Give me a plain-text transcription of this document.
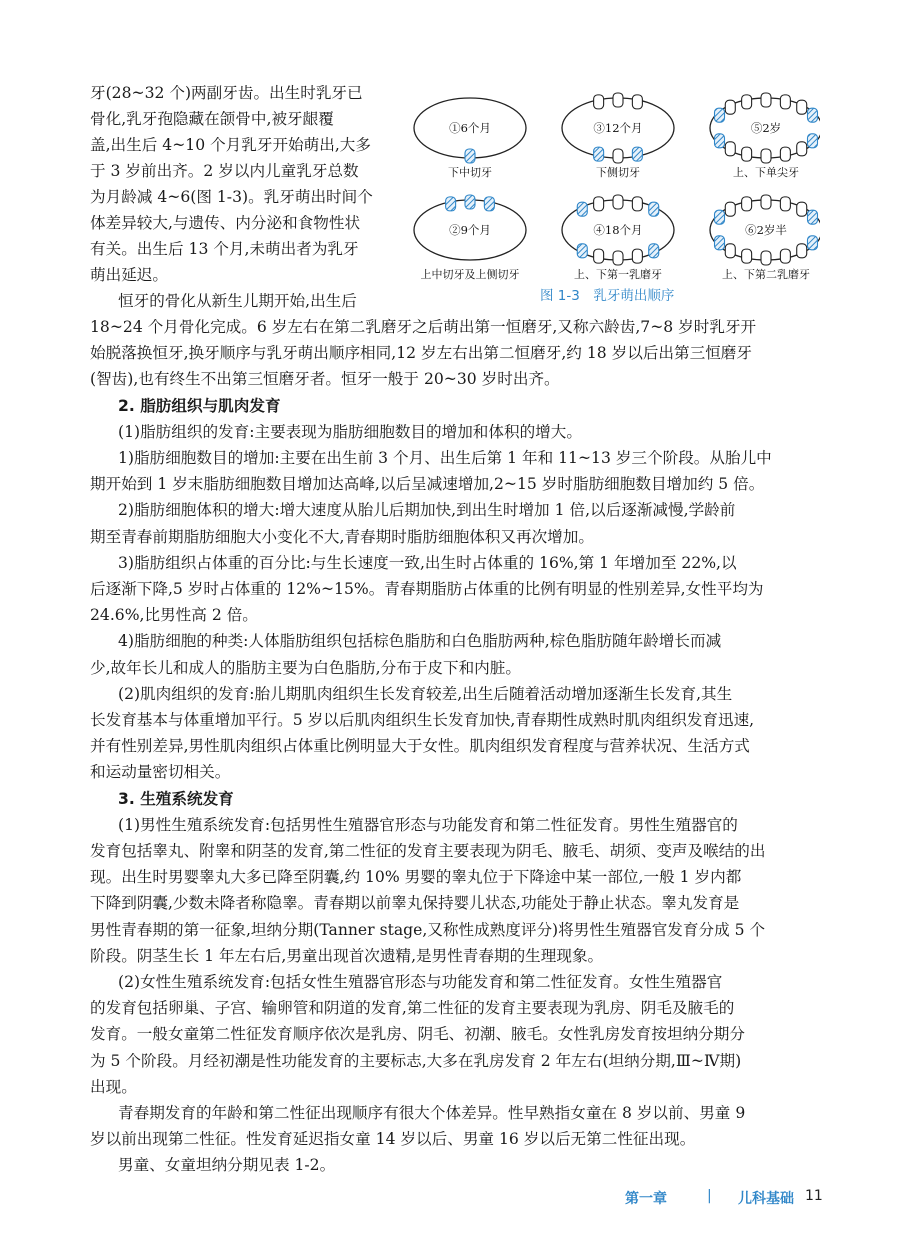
牙(28~32 个)两副牙齿。出生时乳牙已

骨化,乳牙孢隐藏在颌骨中,被牙龈覆

盖,出生后 4~10 个月乳牙开始萌出,大多

于 3 岁前出齐。2 岁以内儿童乳牙总数

为月龄减 4~6(图 1-3)。乳牙萌出时间个

体差异较大,与遗传、内分泌和食物性状

有关。出生后 13 个月,未萌出者为乳牙

萌出延迟。

恒牙的骨化从新生儿期开始,出生后

①6个月
下中切牙
③12个月
下侧切牙
⑤2岁
上、下单尖牙
②9个月
上中切牙及上侧切牙
④18个月
上、下第一乳磨牙
⑥2岁半
上、下第二乳磨牙
图 1-3　乳牙萌出顺序

18~24 个月骨化完成。6 岁左右在第二乳磨牙之后萌出第一恒磨牙,又称六龄齿,7~8 岁时乳牙开

始脱落换恒牙,换牙顺序与乳牙萌出顺序相同,12 岁左右出第二恒磨牙,约 18 岁以后出第三恒磨牙

(智齿),也有终生不出第三恒磨牙者。恒牙一般于 20~30 岁时出齐。

2. 脂肪组织与肌肉发育

(1)脂肪组织的发育:主要表现为脂肪细胞数目的增加和体积的增大。

1)脂肪细胞数目的增加:主要在出生前 3 个月、出生后第 1 年和 11~13 岁三个阶段。从胎儿中

期开始到 1 岁末脂肪细胞数目增加达高峰,以后呈减速增加,2~15 岁时脂肪细胞数目增加约 5 倍。

2)脂肪细胞体积的增大:增大速度从胎儿后期加快,到出生时增加 1 倍,以后逐渐减慢,学龄前

期至青春前期脂肪细胞大小变化不大,青春期时脂肪细胞体积又再次增加。

3)脂肪组织占体重的百分比:与生长速度一致,出生时占体重的 16%,第 1 年增加至 22%,以

后逐渐下降,5 岁时占体重的 12%~15%。青春期脂肪占体重的比例有明显的性别差异,女性平均为

24.6%,比男性高 2 倍。

4)脂肪细胞的种类:人体脂肪组织包括棕色脂肪和白色脂肪两种,棕色脂肪随年龄增长而减

少,故年长儿和成人的脂肪主要为白色脂肪,分布于皮下和内脏。

(2)肌肉组织的发育:胎儿期肌肉组织生长发育较差,出生后随着活动增加逐渐生长发育,其生

长发育基本与体重增加平行。5 岁以后肌肉组织生长发育加快,青春期性成熟时肌肉组织发育迅速,

并有性别差异,男性肌肉组织占体重比例明显大于女性。肌肉组织发育程度与营养状况、生活方式

和运动量密切相关。

3. 生殖系统发育

(1)男性生殖系统发育:包括男性生殖器官形态与功能发育和第二性征发育。男性生殖器官的

发育包括睾丸、附睾和阴茎的发育,第二性征的发育主要表现为阴毛、腋毛、胡须、变声及喉结的出

现。出生时男婴睾丸大多已降至阴囊,约 10% 男婴的睾丸位于下降途中某一部位,一般 1 岁内都

下降到阴囊,少数未降者称隐睾。青春期以前睾丸保持婴儿状态,功能处于静止状态。睾丸发育是

男性青春期的第一征象,坦纳分期(Tanner stage,又称性成熟度评分)将男性生殖器官发育分成 5 个

阶段。阴茎生长 1 年左右后,男童出现首次遗精,是男性青春期的生理现象。

(2)女性生殖系统发育:包括女性生殖器官形态与功能发育和第二性征发育。女性生殖器官

的发育包括卵巢、子宫、输卵管和阴道的发育,第二性征的发育主要表现为乳房、阴毛及腋毛的

发育。一般女童第二性征发育顺序依次是乳房、阴毛、初潮、腋毛。女性乳房发育按坦纳分期分

为 5 个阶段。月经初潮是性功能发育的主要标志,大多在乳房发育 2 年左右(坦纳分期,Ⅲ~Ⅳ期)

出现。

青春期发育的年龄和第二性征出现顺序有很大个体差异。性早熟指女童在 8 岁以前、男童 9

岁以前出现第二性征。性发育延迟指女童 14 岁以后、男童 16 岁以后无第二性征出现。

男童、女童坦纳分期见表 1-2。

第一章	| 儿科基础 11
